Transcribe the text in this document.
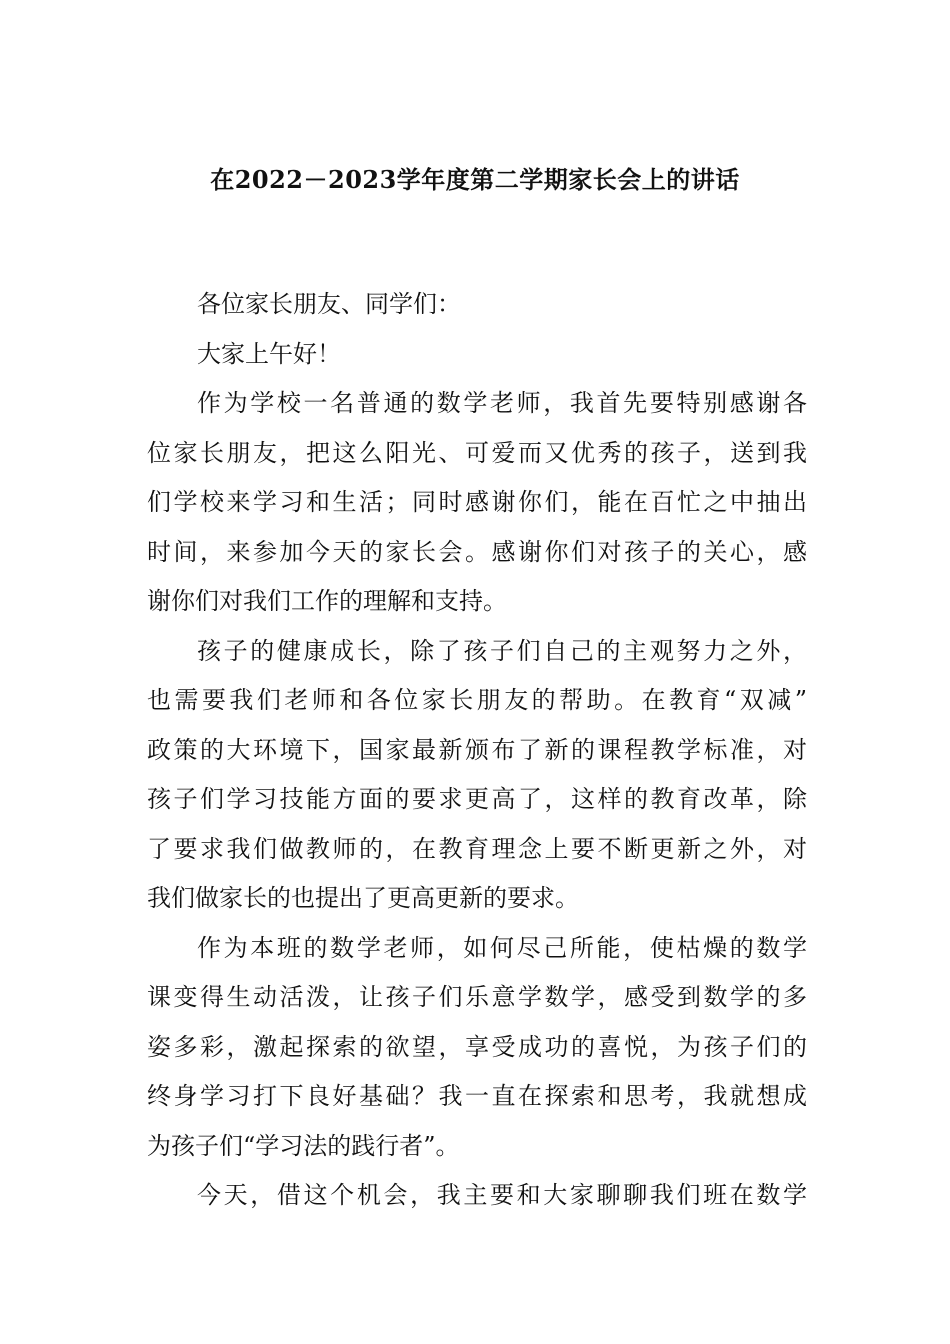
在2022－2023学年度第二学期家长会上的讲话
各位家长朋友、同学们：
大家上午好！
作为学校一名普通的数学老师，我首先要特别感谢各
位家长朋友，把这么阳光、可爱而又优秀的孩子，送到我
们学校来学习和生活；同时感谢你们，能在百忙之中抽出
时间，来参加今天的家长会。感谢你们对孩子的关心，感
谢你们对我们工作的理解和支持。
孩子的健康成长，除了孩子们自己的主观努力之外，
也需要我们老师和各位家长朋友的帮助。在教育“双减”
政策的大环境下，国家最新颁布了新的课程教学标准，对
孩子们学习技能方面的要求更高了，这样的教育改革，除
了要求我们做教师的，在教育理念上要不断更新之外，对
我们做家长的也提出了更高更新的要求。
作为本班的数学老师，如何尽己所能，使枯燥的数学
课变得生动活泼，让孩子们乐意学数学，感受到数学的多
姿多彩，激起探索的欲望，享受成功的喜悦，为孩子们的
终身学习打下良好基础？我一直在探索和思考，我就想成
为孩子们“学习法的践行者”。
今天，借这个机会，我主要和大家聊聊我们班在数学
